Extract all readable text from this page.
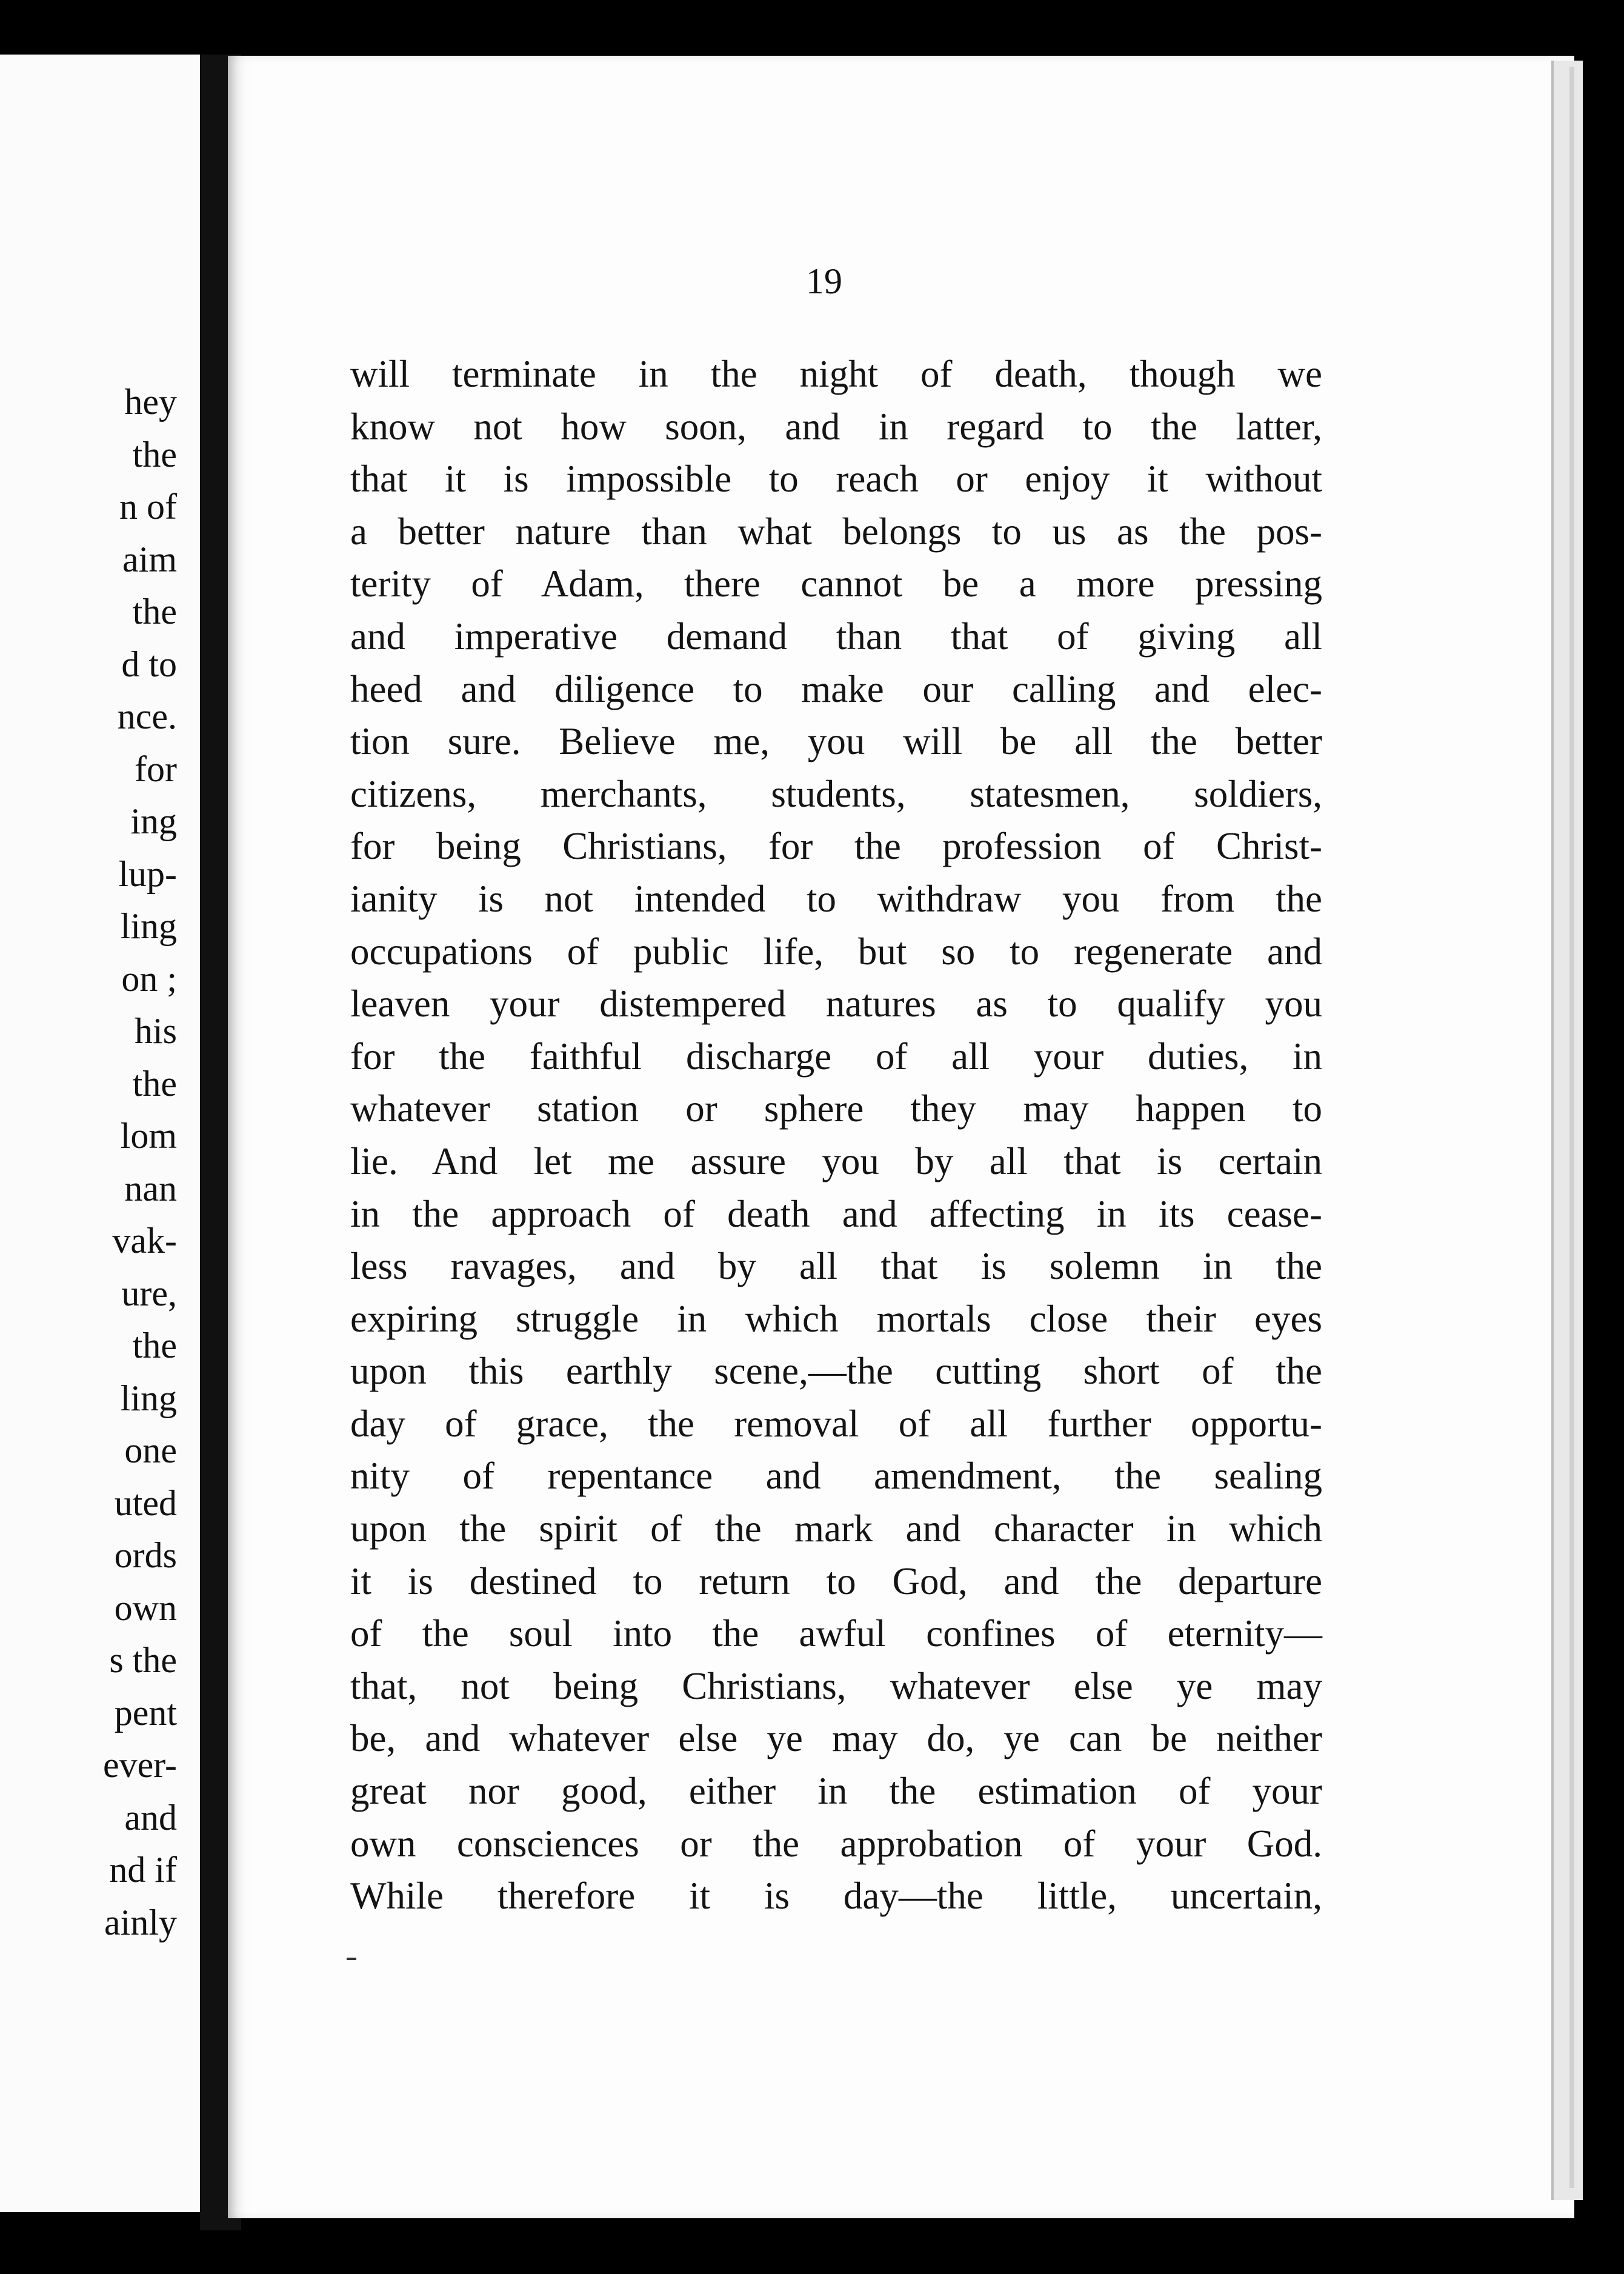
hey
the
n of
aim
the
d to
nce.
for
ing
lup-
ling
on ;
his
the
lom
nan
vak-
ure,
the
ling
one
uted
ords
own
s the
pent
ever-
and
nd if
ainly
19
will terminate in the night of death, though we
know not how soon, and in regard to the latter,
that it is impossible to reach or enjoy it without
a better nature than what belongs to us as the pos-
terity of Adam, there cannot be a more pressing
and imperative demand than that of giving all
heed and diligence to make our calling and elec-
tion sure. Believe me, you will be all the better
citizens, merchants, students, statesmen, soldiers,
for being Christians, for the profession of Christ-
ianity is not intended to withdraw you from the
occupations of public life, but so to regenerate and
leaven your distempered natures as to qualify you
for the faithful discharge of all your duties, in
whatever station or sphere they may happen to
lie. And let me assure you by all that is certain
in the approach of death and affecting in its cease-
less ravages, and by all that is solemn in the
expiring struggle in which mortals close their eyes
upon this earthly scene,—the cutting short of the
day of grace, the removal of all further opportu-
nity of repentance and amendment, the sealing
upon the spirit of the mark and character in which
it is destined to return to God, and the departure
of the soul into the awful confines of eternity—
that, not being Christians, whatever else ye may
be, and whatever else ye may do, ye can be neither
great nor good, either in the estimation of your
own consciences or the approbation of your God.
While therefore it is day—the little, uncertain,
